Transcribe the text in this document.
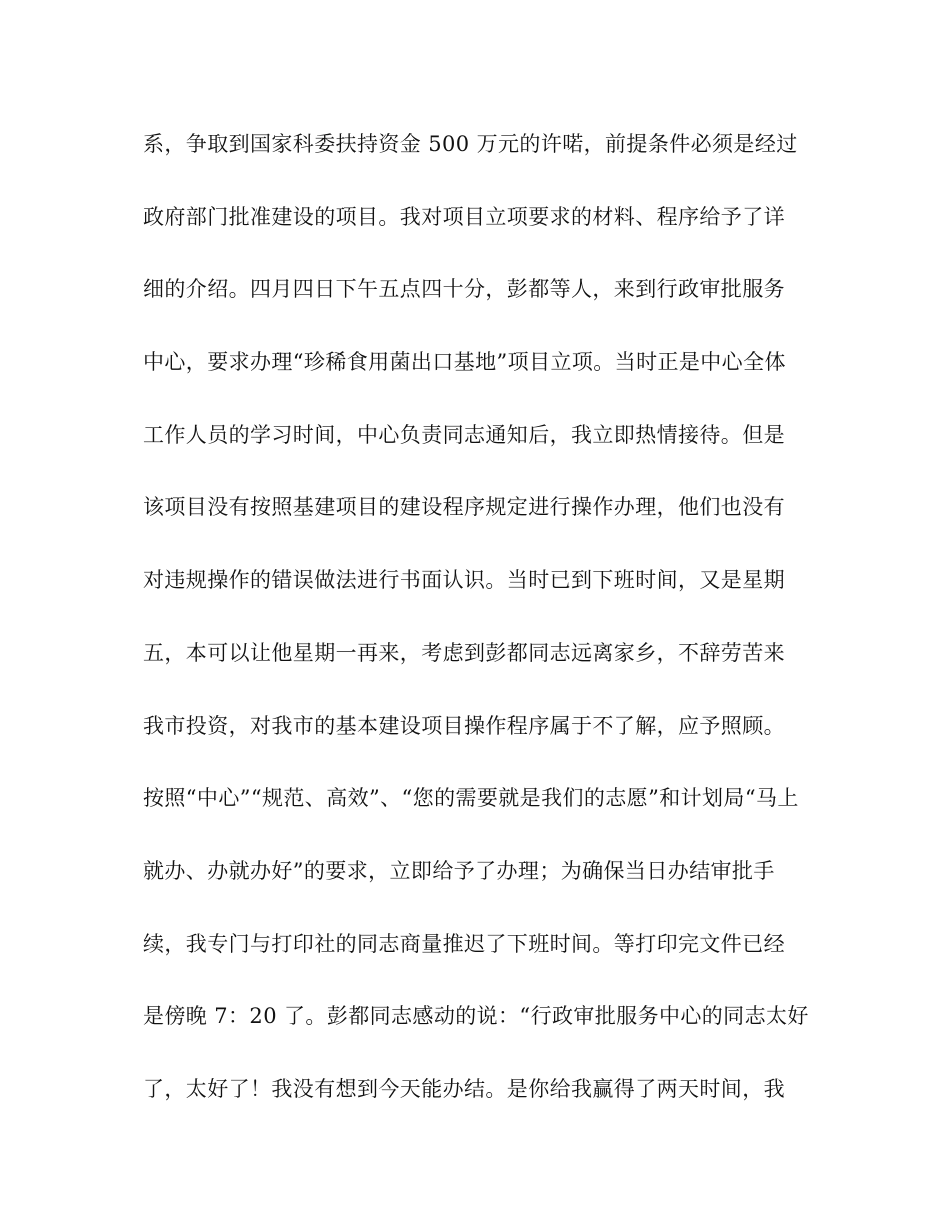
系，争取到国家科委扶持资金 500 万元的许喏，前提条件必须是经过
政府部门批准建设的项目。我对项目立项要求的材料、程序给予了详
细的介绍。四月四日下午五点四十分，彭都等人，来到行政审批服务
中心，要求办理“珍稀食用菌出口基地”项目立项。当时正是中心全体
工作人员的学习时间，中心负责同志通知后，我立即热情接待。但是
该项目没有按照基建项目的建设程序规定进行操作办理，他们也没有
对违规操作的错误做法进行书面认识。当时已到下班时间，又是星期
五，本可以让他星期一再来，考虑到彭都同志远离家乡，不辞劳苦来
我市投资，对我市的基本建设项目操作程序属于不了解，应予照顾。
按照“中心”“规范、高效”、“您的需要就是我们的志愿”和计划局“马上
就办、办就办好”的要求，立即给予了办理；为确保当日办结审批手
续，我专门与打印社的同志商量推迟了下班时间。等打印完文件已经
是傍晚 7：20 了。彭都同志感动的说：“行政审批服务中心的同志太好
了，太好了！我没有想到今天能办结。是你给我赢得了两天时间，我
